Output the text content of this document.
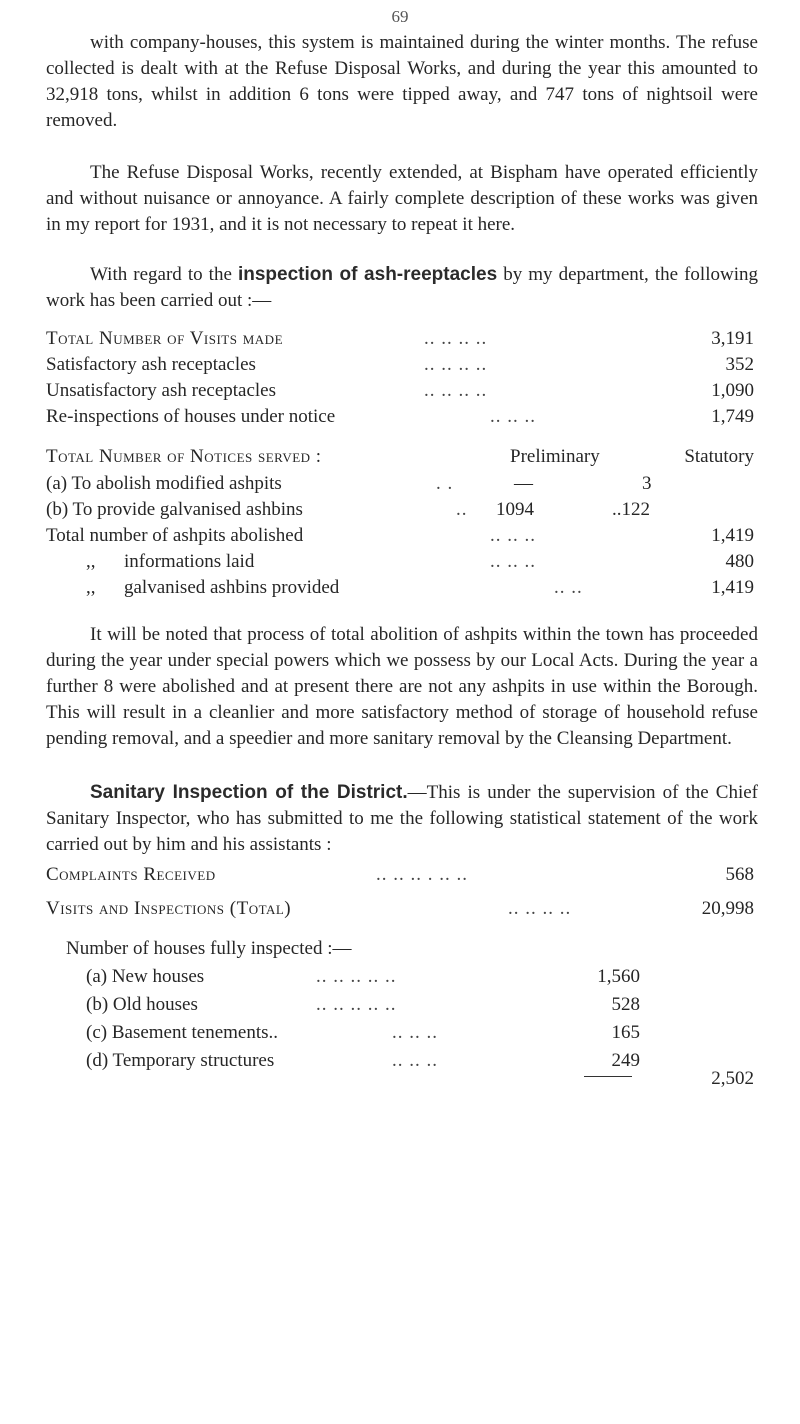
69

with company-houses, this system is maintained during the winter months. The refuse collected is dealt with at the Refuse Disposal Works, and during the year this amounted to 32,918 tons, whilst in addition 6 tons were tipped away, and 747 tons of nightsoil were removed.

The Refuse Disposal Works, recently extended, at Bispham have operated efficiently and without nuisance or annoyance. A fairly complete description of these works was given in my report for 1931, and it is not necessary to repeat it here.

With regard to the inspection of ash-reeptacles by my department, the following work has been carried out :—

Total Number of Visits made	.. .. .. ..	3,191
Satisfactory ash receptacles	.. .. .. ..	352
Unsatisfactory ash receptacles	.. .. .. ..	1,090
Re-inspections of houses under notice	.. .. ..	1,749
Total Number of Notices served :	Preliminary	Statutory
(a) To abolish modified ashpits	. .	—	3
(b) To provide galvanised ashbins	.. 1094	..122
Total number of ashpits abolished	.. .. ..	1,419
,, informations laid	.. .. ..	480
,, galvanised ashbins provided	.. ..	1,419

It will be noted that process of total abolition of ashpits within the town has proceeded during the year under special powers which we possess by our Local Acts. During the year a further 8 were abolished and at present there are not any ashpits in use within the Borough. This will result in a cleanlier and more satisfactory method of storage of household refuse pending removal, and a speedier and more sanitary removal by the Cleansing Department.

Sanitary Inspection of the District.—This is under the supervision of the Chief Sanitary Inspector, who has submitted to me the following statistical statement of the work carried out by him and his assistants :

Complaints Received	.. .. .. . .. ..	568
Visits and Inspections (Total)	.. .. .. ..	20,998
Number of houses fully inspected :—
(a) New houses	.. .. .. .. ..	1,560
(b) Old houses	.. .. .. .. ..	528
(c) Basement tenements..	.. .. ..	165
(d) Temporary structures	.. .. ..	249
2,502
